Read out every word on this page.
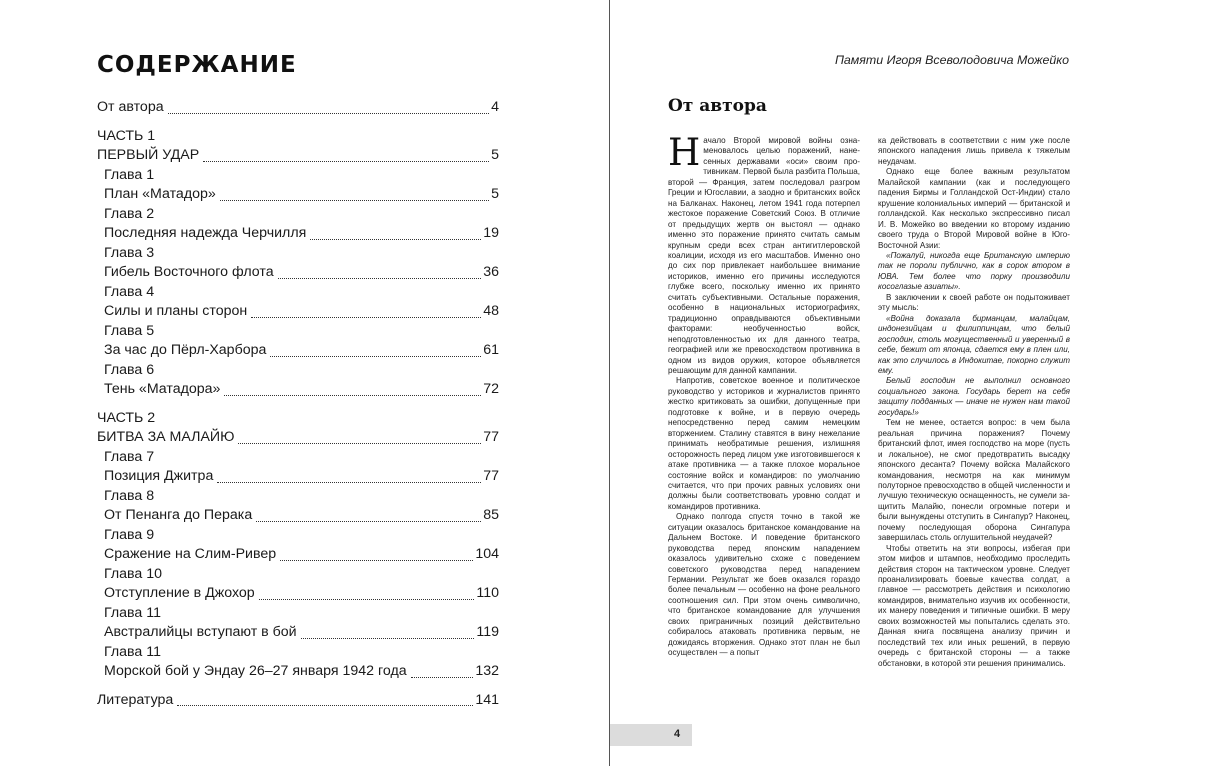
СОДЕРЖАНИЕ
От автора	4
ЧАСТЬ 1
ПЕРВЫЙ УДАР	5
Глава 1
План «Матадор»	5
Глава 2
Последняя надежда Черчилля	19
Глава 3
Гибель Восточного флота	36
Глава 4
Силы и планы сторон	48
Глава 5
За час до Пёрл-Харбора	61
Глава 6
Тень «Матадора»	72
ЧАСТЬ 2
БИТВА ЗА МАЛАЙЮ	77
Глава 7
Позиция Джитра	77
Глава 8
От Пенанга до Перака	85
Глава 9
Сражение на Слим-Ривер	104
Глава 10
Отступление в Джохор	110
Глава 11
Австралийцы вступают в бой	119
Глава 11
Морской бой у Эндау 26–27 января 1942 года	132
Литература	141
Памяти Игоря Всеволодовича Можейко
От автора

Начало Второй мировой войны ознаменовалось целью поражений, нанесенных державами «оси» своим противникам. Первой была разбита Польша, второй — Франция, затем последовал разгром Греции и Югославии, а заодно и британских войск на Балканах. Наконец, летом 1941 года потерпел жестокое поражение Советский Союз. В отличие от предыдущих жертв он выстоял — однако именно это поражение принято считать самым крупным среди всех стран антигитлеровской коалиции, исходя из его масштабов. Именно оно до сих пор привлекает наибольшее внимание историков, именно его причины исследуются глубже всего, поскольку именно их принято считать субъективными. Остальные поражения, особенно в национальных историографиях, традиционно оправдываются объективными факторами: необученностью войск, неподготовленностью их для данного театра, географией или же превосходством противника в одном из видов оружия, которое объявляется решающим для данной кампании.

Напротив, советское военное и политическое руководство у историков и журналистов принято жестко критиковать за ошибки, допущенные при подготовке к войне, и в первую очередь непосредственно перед самим немецким вторжением. Сталину ставятся в вину нежелание принимать необратимые решения, излишняя осторожность перед лицом уже изготовившегося к атаке противника — а также плохое моральное состояние войск и командиров: по умолчанию считается, что при прочих равных условиях они должны были соответствовать уровню солдат и командиров противника.

Однако полгода спустя точно в такой же ситуации оказалось британское командование на Дальнем Востоке. И поведение британского руководства перед японским нападением оказалось удивительно схоже с поведением советского руководства перед нападением Германии. Результат же боев оказался гораздо более печальным — особенно на фоне реального соотношения сил. При этом очень символично, что британское командование для улучшения своих приграничных позиций действительно собиралось атаковать противника первым, не дожидаясь вторжения. Однако этот план не был осуществлен — а попыт

ка действовать в соответствии с ним уже после японского нападения лишь привела к тяжелым неудачам.

Однако еще более важным результатом Малайской кампании (как и последующего падения Бирмы и Голландской Ост-Индии) стало крушение колониальных империй — британской и голландской. Как несколько экспрессивно писал И. В. Можейко во введении ко второму изданию своего труда о Второй Мировой войне в Юго-Восточной Азии:

«Пожалуй, никогда еще Британскую империю так не пороли публично, как в сорок втором в ЮВА. Тем более что порку производили косоглазые азиаты».

В заключении к своей работе он подытоживает эту мысль:

«Война доказала бирманцам, малайцам, индонезийцам и филиппинцам, что белый господин, столь могущественный и уверенный в себе, бежит от японца, сдается ему в плен или, как это случилось в Индокитае, покорно служит ему.

Белый господин не выполнил основного социального закона. Государь берет на себя защиту подданных — иначе не нужен нам такой государь!»

Тем не менее, остается вопрос: в чем была реальная причина поражения? Почему британский флот, имея господство на море (пусть и локальное), не смог предотвратить высадку японского десанта? Почему войска Малайского командования, несмотря на как минимум полуторное превосходство в общей численности и лучшую техническую оснащенность, не сумели защитить Малайю, понесли огромные потери и были вынуждены отступить в Сингапур? Наконец, почему последующая оборона Сингапура завершилась столь оглушительной неудачей?

Чтобы ответить на эти вопросы, избегая при этом мифов и штампов, необходимо проследить действия сторон на тактическом уровне. Следует проанализировать боевые качества солдат, а главное — рассмотреть действия и психологию командиров, внимательно изучив их особенности, их манеру поведения и типичные ошибки. В меру своих возможностей мы попытались сделать это. Данная книга посвящена анализу причин и последствий тех или иных решений, в первую очередь с британской стороны — а также обстановки, в которой эти решения принимались.

4
